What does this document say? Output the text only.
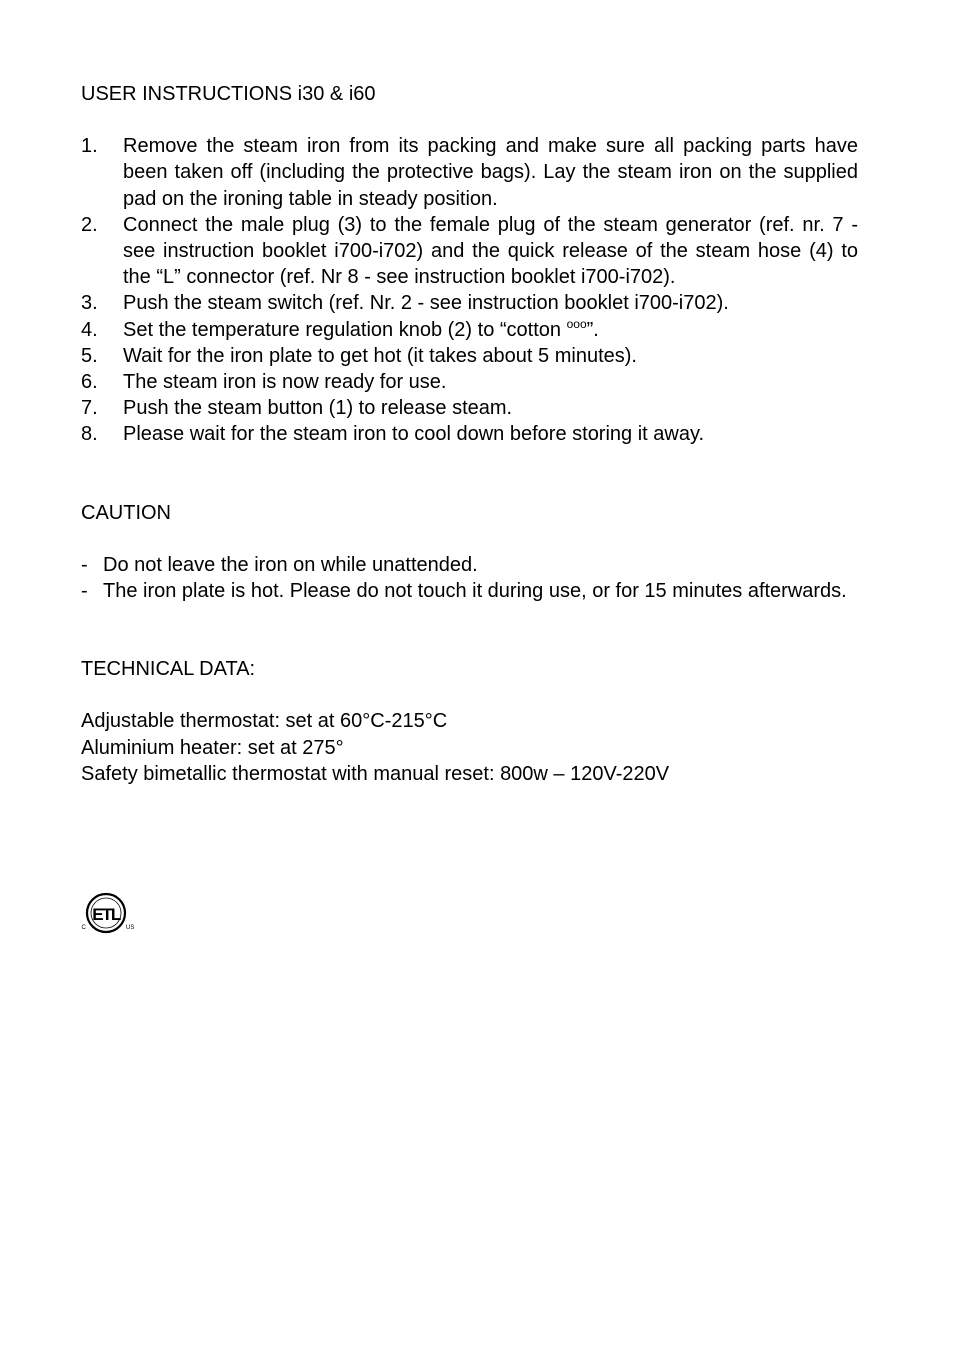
USER INSTRUCTIONS i30 & i60
1. Remove the steam iron from its packing and make sure all packing parts have been taken off (including the protective bags). Lay the steam iron on the supplied pad on the ironing table in steady position.
2. Connect the male plug (3) to the female plug of the steam generator (ref. nr. 7 - see instruction booklet i700-i702) and the quick release of the steam hose (4) to the “L” connector (ref. Nr 8 - see instruction booklet i700-i702).
3. Push the steam switch (ref. Nr. 2 - see instruction booklet i700-i702).
4. Set the temperature regulation knob (2) to “cotton $^{ooo}$”.
5. Wait for the iron plate to get hot (it takes about 5 minutes).
6. The steam iron is now ready for use.
7. Push the steam button (1) to release steam.
8. Please wait for the steam iron to cool down before storing it away.
CAUTION
- Do not leave the iron on while unattended.
- The iron plate is hot. Please do not touch it during use, or for 15 minutes afterwards.
TECHNICAL DATA:
Adjustable thermostat: set at 60°C-215°C
Aluminium heater: set at 275°
Safety bimetallic thermostat with manual reset: 800w – 120V-220V
ETL
C	US
